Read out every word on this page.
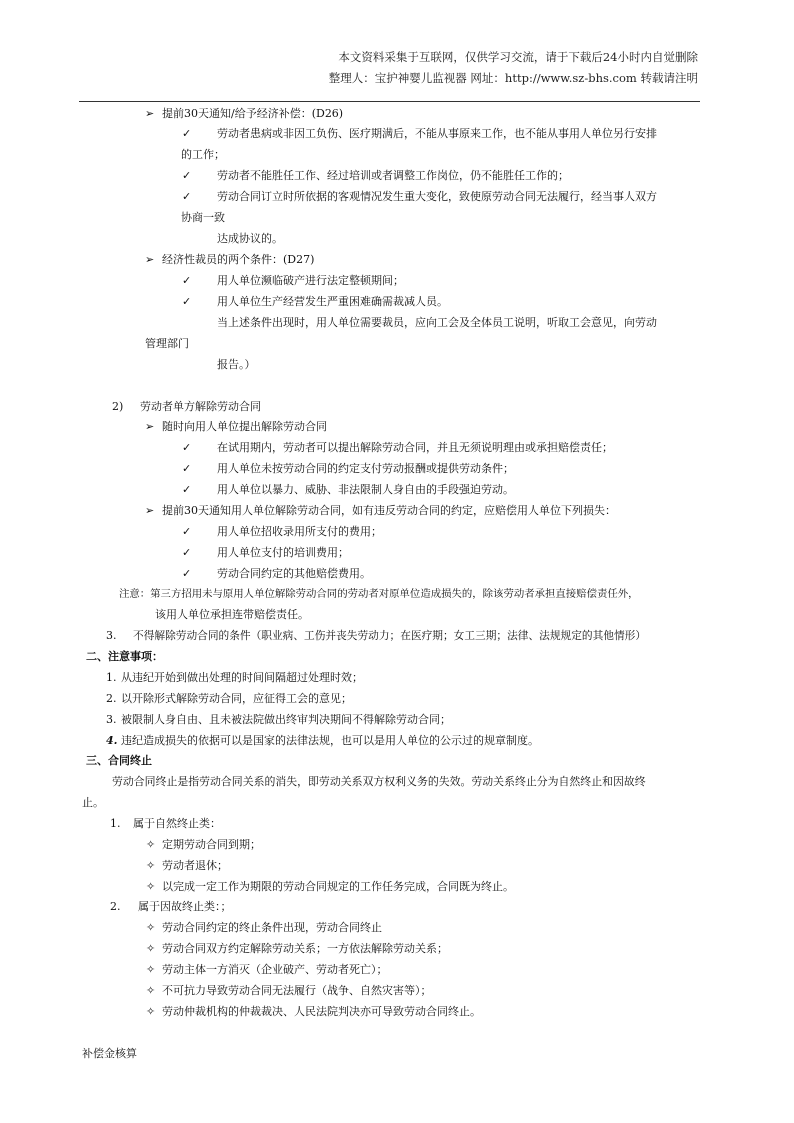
本文资料采集于互联网，仅供学习交流，请于下载后24小时内自觉删除
整理人：宝护神婴儿监视器 网址：http://www.sz-bhs.com 转载请注明
➢ 提前30天通知/给予经济补偿：(D26)
✓ 劳动者患病或非因工负伤、医疗期满后，不能从事原来工作，也不能从事用人单位另行安排
的工作；
✓ 劳动者不能胜任工作、经过培训或者调整工作岗位，仍不能胜任工作的；
✓ 劳动合同订立时所依据的客观情况发生重大变化，致使原劳动合同无法履行，经当事人双方
协商一致
达成协议的。
➢ 经济性裁员的两个条件：(D27)
✓ 用人单位濒临破产进行法定整顿期间；
✓ 用人单位生产经营发生严重困难确需裁减人员。
当上述条件出现时，用人单位需要裁员，应向工会及全体员工说明，听取工会意见，向劳动
管理部门
报告。）
2) 劳动者单方解除劳动合同
➢ 随时向用人单位提出解除劳动合同
✓ 在试用期内，劳动者可以提出解除劳动合同，并且无须说明理由或承担赔偿责任；
✓ 用人单位未按劳动合同的约定支付劳动报酬或提供劳动条件；
✓ 用人单位以暴力、威胁、非法限制人身自由的手段强迫劳动。
➢ 提前30天通知用人单位解除劳动合同，如有违反劳动合同的约定，应赔偿用人单位下列损失：
✓ 用人单位招收录用所支付的费用；
✓ 用人单位支付的培训费用；
✓ 劳动合同约定的其他赔偿费用。
注意：第三方招用未与原用人单位解除劳动合同的劳动者对原单位造成损失的，除该劳动者承担直接赔偿责任外，
该用人单位承担连带赔偿责任。
3. 不得解除劳动合同的条件（职业病、工伤并丧失劳动力；在医疗期；女工三期；法律、法规规定的其他情形）
二、注意事项：
1. 从违纪开始到做出处理的时间间隔超过处理时效；
2. 以开除形式解除劳动合同，应征得工会的意见；
3. 被限制人身自由、且未被法院做出终审判决期间不得解除劳动合同；
4. 违纪造成损失的依据可以是国家的法律法规，也可以是用人单位的公示过的规章制度。
三、合同终止
劳动合同终止是指劳动合同关系的消失，即劳动关系双方权利义务的失效。劳动关系终止分为自然终止和因故终
止。
1. 属于自然终止类：
✧ 定期劳动合同到期；
✧ 劳动者退休；
✧ 以完成一定工作为期限的劳动合同规定的工作任务完成，合同既为终止。
2. 属于因故终止类：；
✧ 劳动合同约定的终止条件出现，劳动合同终止
✧ 劳动合同双方约定解除劳动关系；一方依法解除劳动关系；
✧ 劳动主体一方消灭（企业破产、劳动者死亡）；
✧ 不可抗力导致劳动合同无法履行（战争、自然灾害等）；
✧ 劳动仲裁机构的仲裁裁决、人民法院判决亦可导致劳动合同终止。
补偿金核算
